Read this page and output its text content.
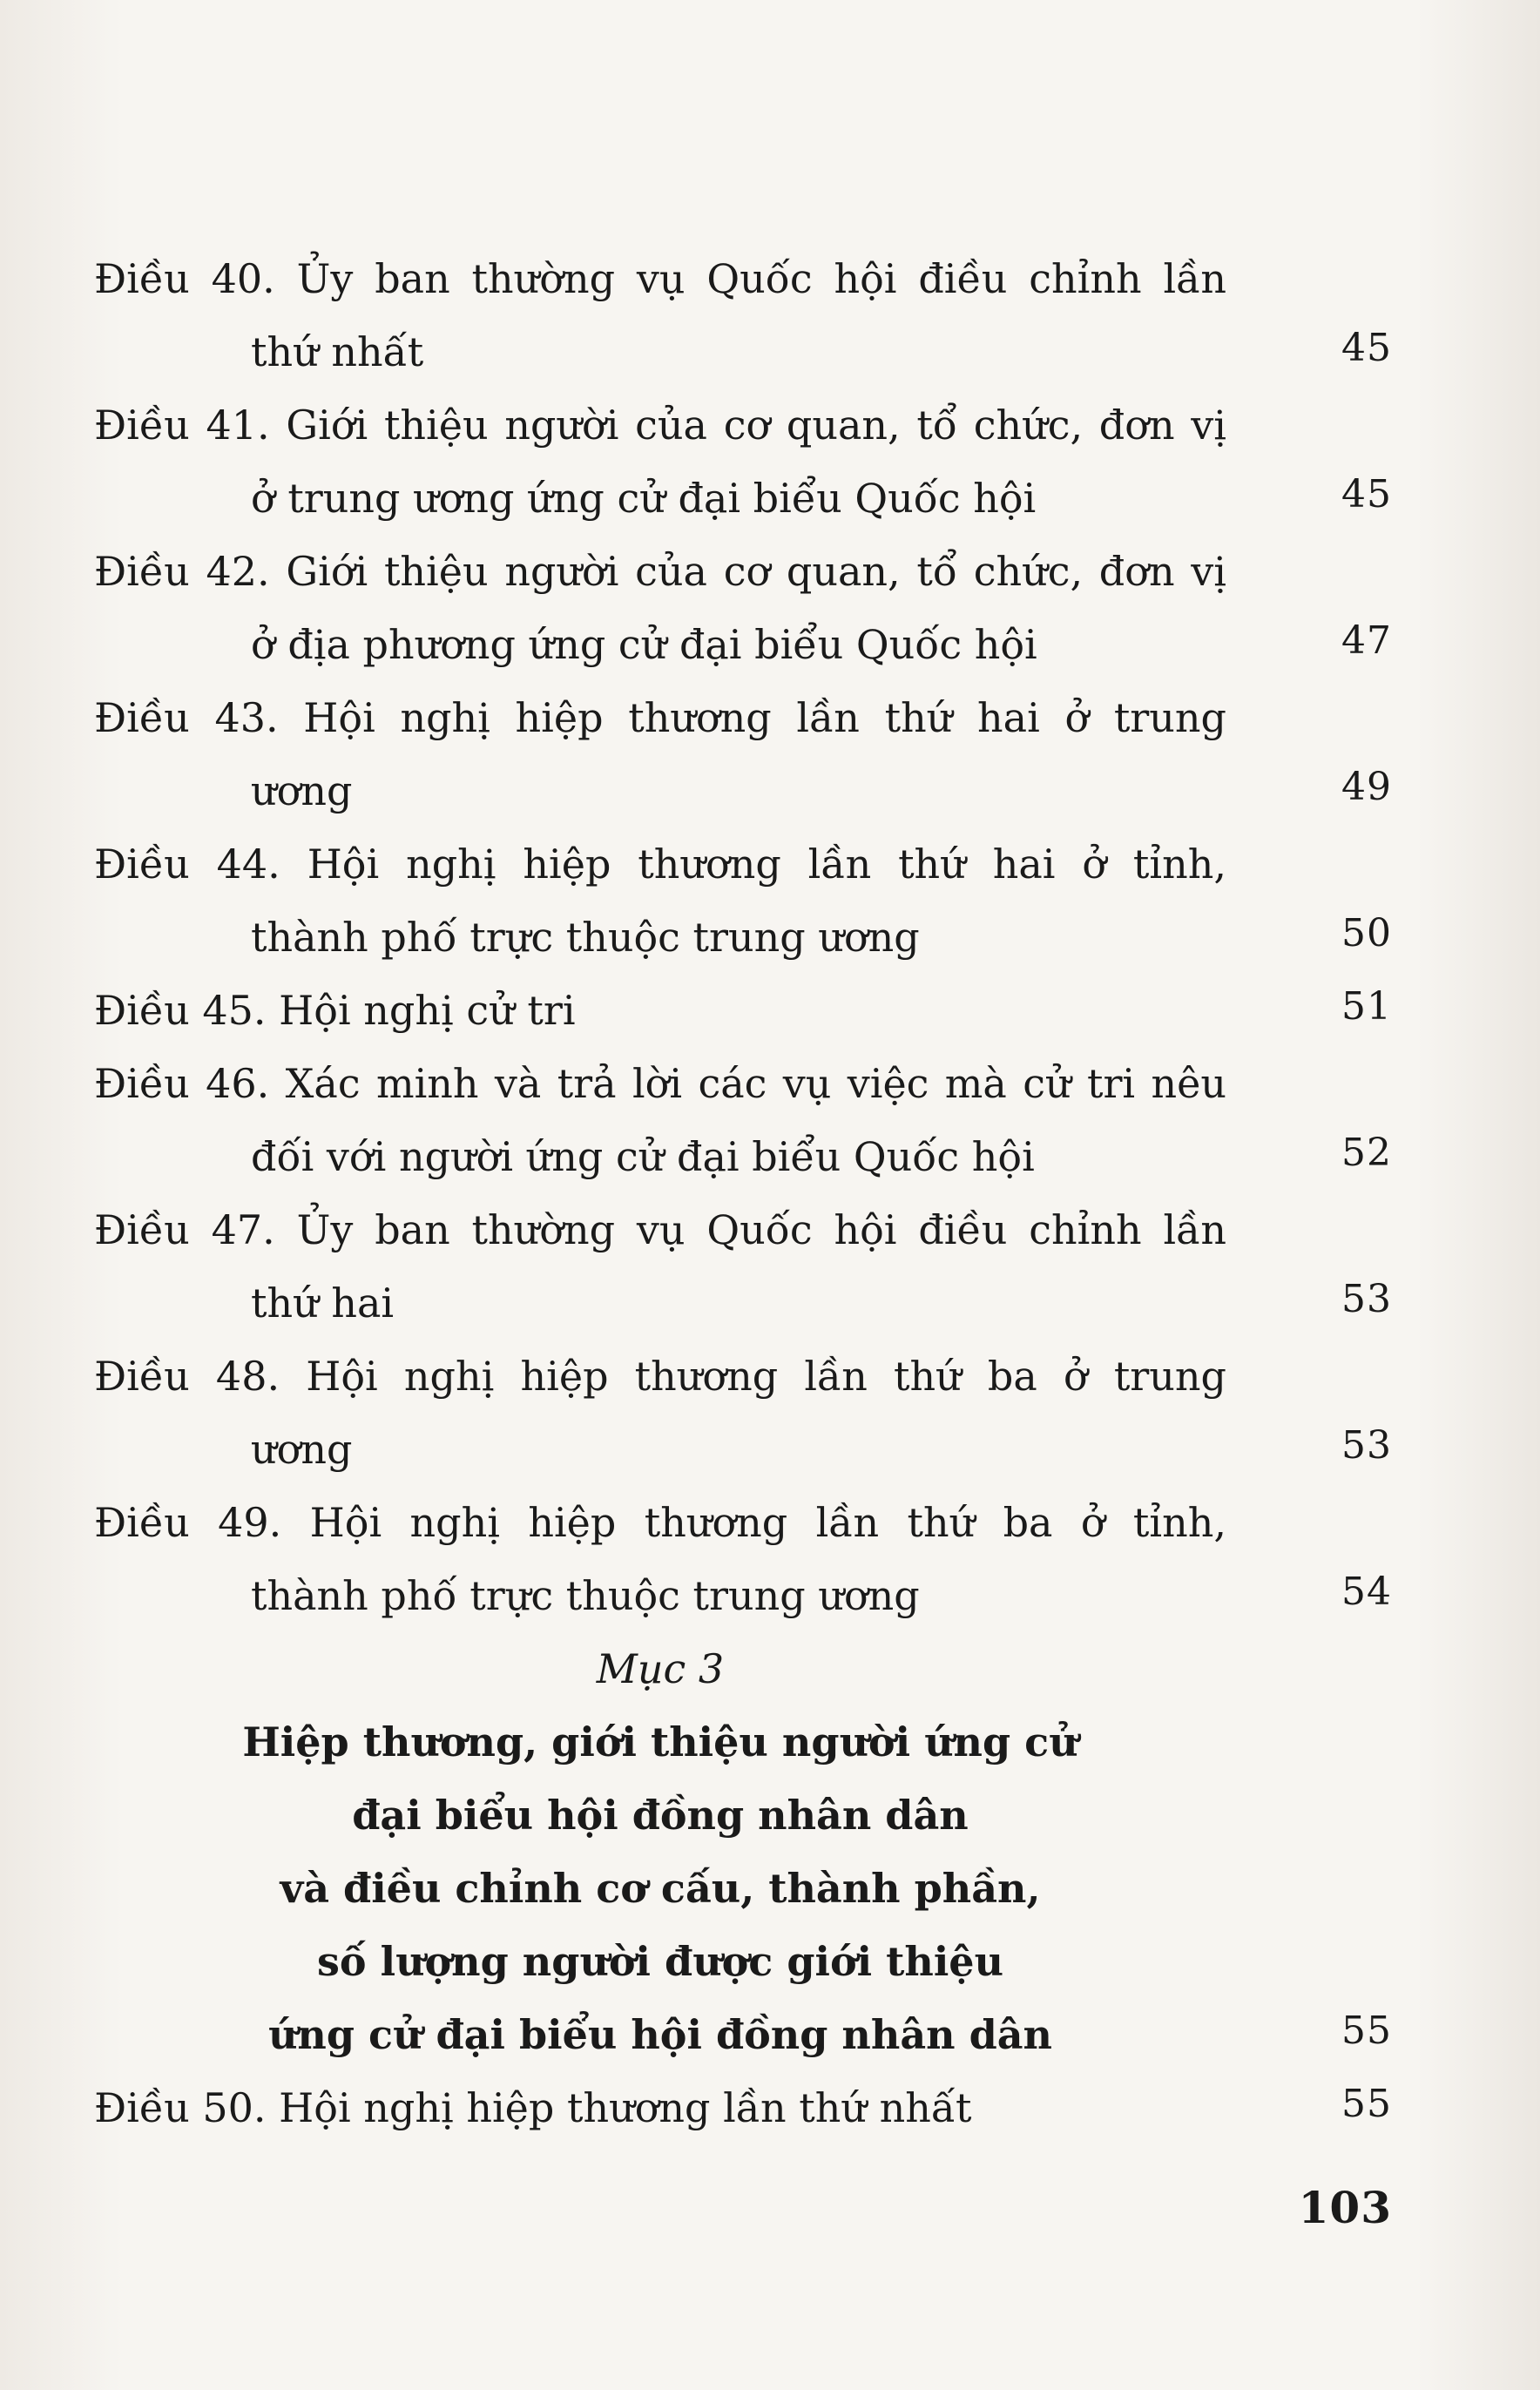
Điều 40. Ủy ban thường vụ Quốc hội điều chỉnh lần
thứ nhất	45
Điều 41. Giới thiệu người của cơ quan, tổ chức, đơn vị
ở trung ương ứng cử đại biểu Quốc hội	45
Điều 42. Giới thiệu người của cơ quan, tổ chức, đơn vị
ở địa phương ứng cử đại biểu Quốc hội	47
Điều 43. Hội nghị hiệp thương lần thứ hai ở trung
ương	49
Điều 44. Hội nghị hiệp thương lần thứ hai ở tỉnh,
thành phố trực thuộc trung ương	50
Điều 45. Hội nghị cử tri	51
Điều 46. Xác minh và trả lời các vụ việc mà cử tri nêu
đối với người ứng cử đại biểu Quốc hội	52
Điều 47. Ủy ban thường vụ Quốc hội điều chỉnh lần
thứ hai	53
Điều 48. Hội nghị hiệp thương lần thứ ba ở trung
ương	53
Điều 49. Hội nghị hiệp thương lần thứ ba ở tỉnh,
thành phố trực thuộc trung ương	54
Mục 3
Hiệp thương, giới thiệu người ứng cử
đại biểu hội đồng nhân dân
và điều chỉnh cơ cấu, thành phần,
số lượng người được giới thiệu
ứng cử đại biểu hội đồng nhân dân	55
Điều 50. Hội nghị hiệp thương lần thứ nhất	55
103
